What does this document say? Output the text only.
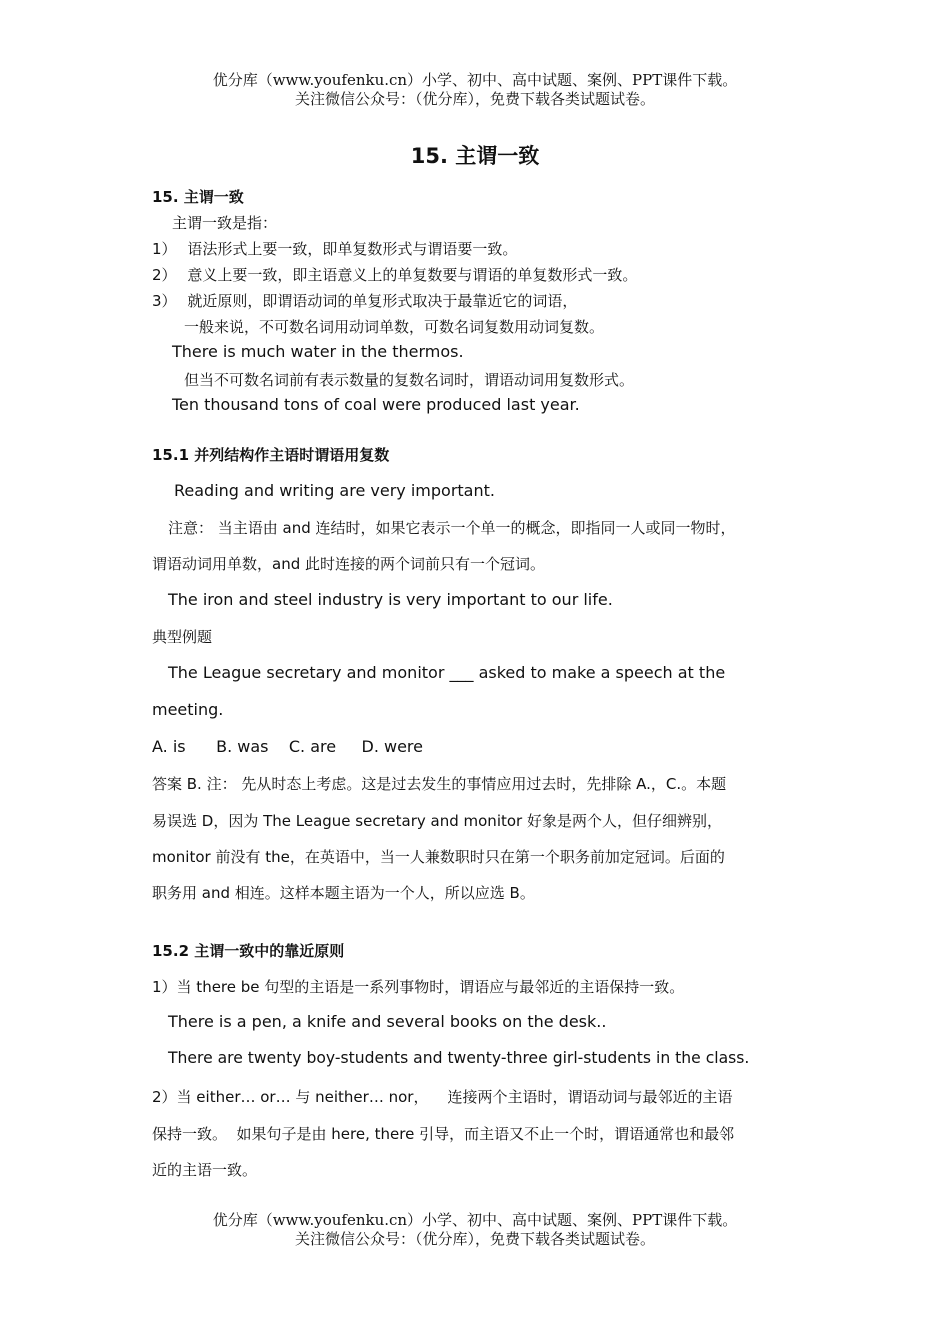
优分库（www.youfenku.cn）小学、初中、高中试题、案例、PPT课件下载。
关注微信公众号：（优分库），免费下载各类试题试卷。
15. 主谓一致
15. 主谓一致
主谓一致是指：
1） 语法形式上要一致，即单复数形式与谓语要一致。
2） 意义上要一致，即主语意义上的单复数要与谓语的单复数形式一致。
3） 就近原则，即谓语动词的单复形式取决于最靠近它的词语，
一般来说，不可数名词用动词单数，可数名词复数用动词复数。
There is much water in the thermos.
但当不可数名词前有表示数量的复数名词时，谓语动词用复数形式。
Ten thousand tons of coal were produced last year.
15.1 并列结构作主语时谓语用复数
Reading and writing are very important.
注意： 当主语由 and 连结时，如果它表示一个单一的概念，即指同一人或同一物时，
谓语动词用单数，and 此时连接的两个词前只有一个冠词。
The iron and steel industry is very important to our life.
典型例题
The League secretary and monitor ___ asked to make a speech at the
meeting.
A. is      B. was    C. are     D. were
答案 B. 注： 先从时态上考虑。这是过去发生的事情应用过去时，先排除 A.，C.。本题
易误选 D，因为 The League secretary and monitor 好象是两个人，但仔细辨别，
monitor 前没有 the，在英语中，当一人兼数职时只在第一个职务前加定冠词。后面的
职务用 and 相连。这样本题主语为一个人，所以应选 B。
15.2 主谓一致中的靠近原则
1）当 there be 句型的主语是一系列事物时，谓语应与最邻近的主语保持一致。
There is a pen, a knife and several books on the desk..
There are twenty boy-students and twenty-three girl-students in the class.
2）当 either… or… 与 neither… nor，    连接两个主语时，谓语动词与最邻近的主语
保持一致。  如果句子是由 here, there 引导，而主语又不止一个时，谓语通常也和最邻
近的主语一致。
优分库（www.youfenku.cn）小学、初中、高中试题、案例、PPT课件下载。
关注微信公众号：（优分库），免费下载各类试题试卷。
